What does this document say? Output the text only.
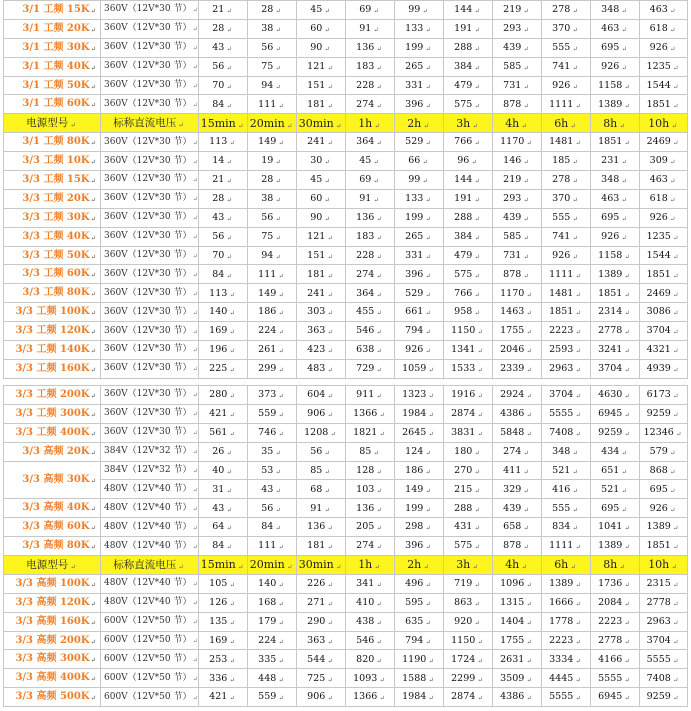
3/1 工频 15K ↵	360V（12V*30 节） ↵	21 ↵	28 ↵	45 ↵	69 ↵	99 ↵	144 ↵	219 ↵	278 ↵	348 ↵	463 ↵
3/1 工频 20K ↵	360V（12V*30 节） ↵	28 ↵	38 ↵	60 ↵	91 ↵	133 ↵	191 ↵	293 ↵	370 ↵	463 ↵	618 ↵
3/1 工频 30K ↵	360V（12V*30 节） ↵	43 ↵	56 ↵	90 ↵	136 ↵	199 ↵	288 ↵	439 ↵	555 ↵	695 ↵	926 ↵
3/1 工频 40K ↵	360V（12V*30 节） ↵	56 ↵	75 ↵	121 ↵	183 ↵	265 ↵	384 ↵	585 ↵	741 ↵	926 ↵	1235 ↵
3/1 工频 50K ↵	360V（12V*30 节） ↵	70 ↵	94 ↵	151 ↵	228 ↵	331 ↵	479 ↵	731 ↵	926 ↵	1158 ↵	1544 ↵
3/1 工频 60K ↵	360V（12V*30 节） ↵	84 ↵	111 ↵	181 ↵	274 ↵	396 ↵	575 ↵	878 ↵	1111 ↵	1389 ↵	1851 ↵
电源型号 ↵	标称直流电压 ↵	15min ↵	20min ↵	30min ↵	1h ↵	2h ↵	3h ↵	4h ↵	6h ↵	8h ↵	10h ↵
3/1 工频 80K ↵	360V（12V*30 节） ↵	113 ↵	149 ↵	241 ↵	364 ↵	529 ↵	766 ↵	1170 ↵	1481 ↵	1851 ↵	2469 ↵
3/3 工频 10K ↵	360V（12V*30 节） ↵	14 ↵	19 ↵	30 ↵	45 ↵	66 ↵	96 ↵	146 ↵	185 ↵	231 ↵	309 ↵
3/3 工频 15K ↵	360V（12V*30 节） ↵	21 ↵	28 ↵	45 ↵	69 ↵	99 ↵	144 ↵	219 ↵	278 ↵	348 ↵	463 ↵
3/3 工频 20K ↵	360V（12V*30 节） ↵	28 ↵	38 ↵	60 ↵	91 ↵	133 ↵	191 ↵	293 ↵	370 ↵	463 ↵	618 ↵
3/3 工频 30K ↵	360V（12V*30 节） ↵	43 ↵	56 ↵	90 ↵	136 ↵	199 ↵	288 ↵	439 ↵	555 ↵	695 ↵	926 ↵
3/3 工频 40K ↵	360V（12V*30 节） ↵	56 ↵	75 ↵	121 ↵	183 ↵	265 ↵	384 ↵	585 ↵	741 ↵	926 ↵	1235 ↵
3/3 工频 50K ↵	360V（12V*30 节） ↵	70 ↵	94 ↵	151 ↵	228 ↵	331 ↵	479 ↵	731 ↵	926 ↵	1158 ↵	1544 ↵
3/3 工频 60K ↵	360V（12V*30 节） ↵	84 ↵	111 ↵	181 ↵	274 ↵	396 ↵	575 ↵	878 ↵	1111 ↵	1389 ↵	1851 ↵
3/3 工频 80K ↵	360V（12V*30 节） ↵	113 ↵	149 ↵	241 ↵	364 ↵	529 ↵	766 ↵	1170 ↵	1481 ↵	1851 ↵	2469 ↵
3/3 工频 100K ↵	360V（12V*30 节） ↵	140 ↵	186 ↵	303 ↵	455 ↵	661 ↵	958 ↵	1463 ↵	1851 ↵	2314 ↵	3086 ↵
3/3 工频 120K ↵	360V（12V*30 节） ↵	169 ↵	224 ↵	363 ↵	546 ↵	794 ↵	1150 ↵	1755 ↵	2223 ↵	2778 ↵	3704 ↵
3/3 工频 140K ↵	360V（12V*30 节） ↵	196 ↵	261 ↵	423 ↵	638 ↵	926 ↵	1341 ↵	2046 ↵	2593 ↵	3241 ↵	4321 ↵
3/3 工频 160K ↵	360V（12V*30 节） ↵	225 ↵	299 ↵	483 ↵	729 ↵	1059 ↵	1533 ↵	2339 ↵	2963 ↵	3704 ↵	4939 ↵
3/3 工频 200K ↵	360V（12V*30 节） ↵	280 ↵	373 ↵	604 ↵	911 ↵	1323 ↵	1916 ↵	2924 ↵	3704 ↵	4630 ↵	6173 ↵
3/3 工频 300K ↵	360V（12V*30 节） ↵	421 ↵	559 ↵	906 ↵	1366 ↵	1984 ↵	2874 ↵	4386 ↵	5555 ↵	6945 ↵	9259 ↵
3/3 工频 400K ↵	360V（12V*30 节） ↵	561 ↵	746 ↵	1208 ↵	1821 ↵	2645 ↵	3831 ↵	5848 ↵	7408 ↵	9259 ↵	12346 ↵
3/3 高频 20K ↵	384V（12V*32 节） ↵	26 ↵	35 ↵	56 ↵	85 ↵	124 ↵	180 ↵	274 ↵	348 ↵	434 ↵	579 ↵
3/3 高频 30K ↵	384V（12V*32 节） ↵	40 ↵	53 ↵	85 ↵	128 ↵	186 ↵	270 ↵	411 ↵	521 ↵	651 ↵	868 ↵
	480V（12V*40 节） ↵	31 ↵	43 ↵	68 ↵	103 ↵	149 ↵	215 ↵	329 ↵	416 ↵	521 ↵	695 ↵
3/3 高频 40K ↵	480V（12V*40 节） ↵	43 ↵	56 ↵	91 ↵	136 ↵	199 ↵	288 ↵	439 ↵	555 ↵	695 ↵	926 ↵
3/3 高频 60K ↵	480V（12V*40 节） ↵	64 ↵	84 ↵	136 ↵	205 ↵	298 ↵	431 ↵	658 ↵	834 ↵	1041 ↵	1389 ↵
3/3 高频 80K ↵	480V（12V*40 节） ↵	84 ↵	111 ↵	181 ↵	274 ↵	396 ↵	575 ↵	878 ↵	1111 ↵	1389 ↵	1851 ↵
电源型号 ↵	标称直流电压 ↵	15min ↵	20min ↵	30min ↵	1h ↵	2h ↵	3h ↵	4h ↵	6h ↵	8h ↵	10h ↵
3/3 高频 100K ↵	480V（12V*40 节） ↵	105 ↵	140 ↵	226 ↵	341 ↵	496 ↵	719 ↵	1096 ↵	1389 ↵	1736 ↵	2315 ↵
3/3 高频 120K ↵	480V（12V*40 节） ↵	126 ↵	168 ↵	271 ↵	410 ↵	595 ↵	863 ↵	1315 ↵	1666 ↵	2084 ↵	2778 ↵
3/3 高频 160K ↵	600V（12V*50 节） ↵	135 ↵	179 ↵	290 ↵	438 ↵	635 ↵	920 ↵	1404 ↵	1778 ↵	2223 ↵	2963 ↵
3/3 高频 200K ↵	600V（12V*50 节） ↵	169 ↵	224 ↵	363 ↵	546 ↵	794 ↵	1150 ↵	1755 ↵	2223 ↵	2778 ↵	3704 ↵
3/3 高频 300K ↵	600V（12V*50 节） ↵	253 ↵	335 ↵	544 ↵	820 ↵	1190 ↵	1724 ↵	2631 ↵	3334 ↵	4166 ↵	5555 ↵
3/3 高频 400K ↵	600V（12V*50 节） ↵	336 ↵	448 ↵	725 ↵	1093 ↵	1588 ↵	2299 ↵	3509 ↵	4445 ↵	5555 ↵	7408 ↵
3/3 高频 500K ↵	600V（12V*50 节） ↵	421 ↵	559 ↵	906 ↵	1366 ↵	1984 ↵	2874 ↵	4386 ↵	5555 ↵	6945 ↵	9259 ↵
